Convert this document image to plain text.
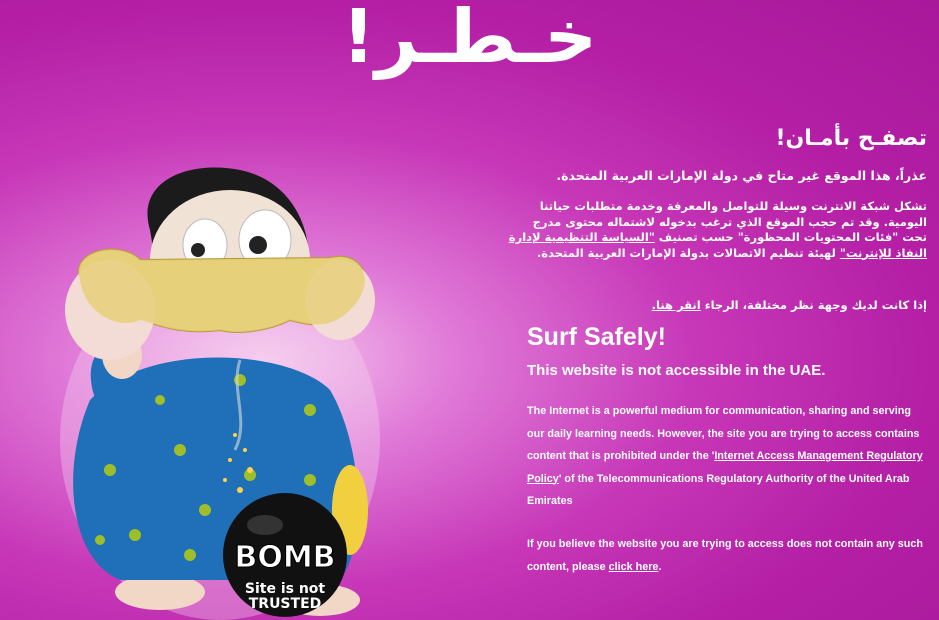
خـطـر!
BOMB
Site is not
TRUSTED
تصفـح بأمـان!
عذراً، هذا الموقع غير متاح في دولة الإمارات العربية المتحدة.
تشكل شبكة الانترنت وسيلة للتواصل والمعرفة وخدمة متطلبات حياتنا اليومية. وقد تم حجب الموقع الذي ترغب بدخوله لاشتماله محتوى مدرج تحت "فئات المحتويات المحظورة" حسب تصنيف "السياسة التنظيمية لإدارة النفاذ للإنترنت" لهيئة تنظيم الاتصالات بدولة الإمارات العربية المتحدة.
إذا كانت لديك وجهة نظر مختلفة، الرجاء انقر هنا.
Surf Safely!
This website is not accessible in the UAE.
The Internet is a powerful medium for communication, sharing and serving our daily learning needs. However, the site you are trying to access contains content that is prohibited under the 'Internet Access Management Regulatory Policy' of the Telecommunications Regulatory Authority of the United Arab Emirates
If you believe the website you are trying to access does not contain any such content, please click here.
